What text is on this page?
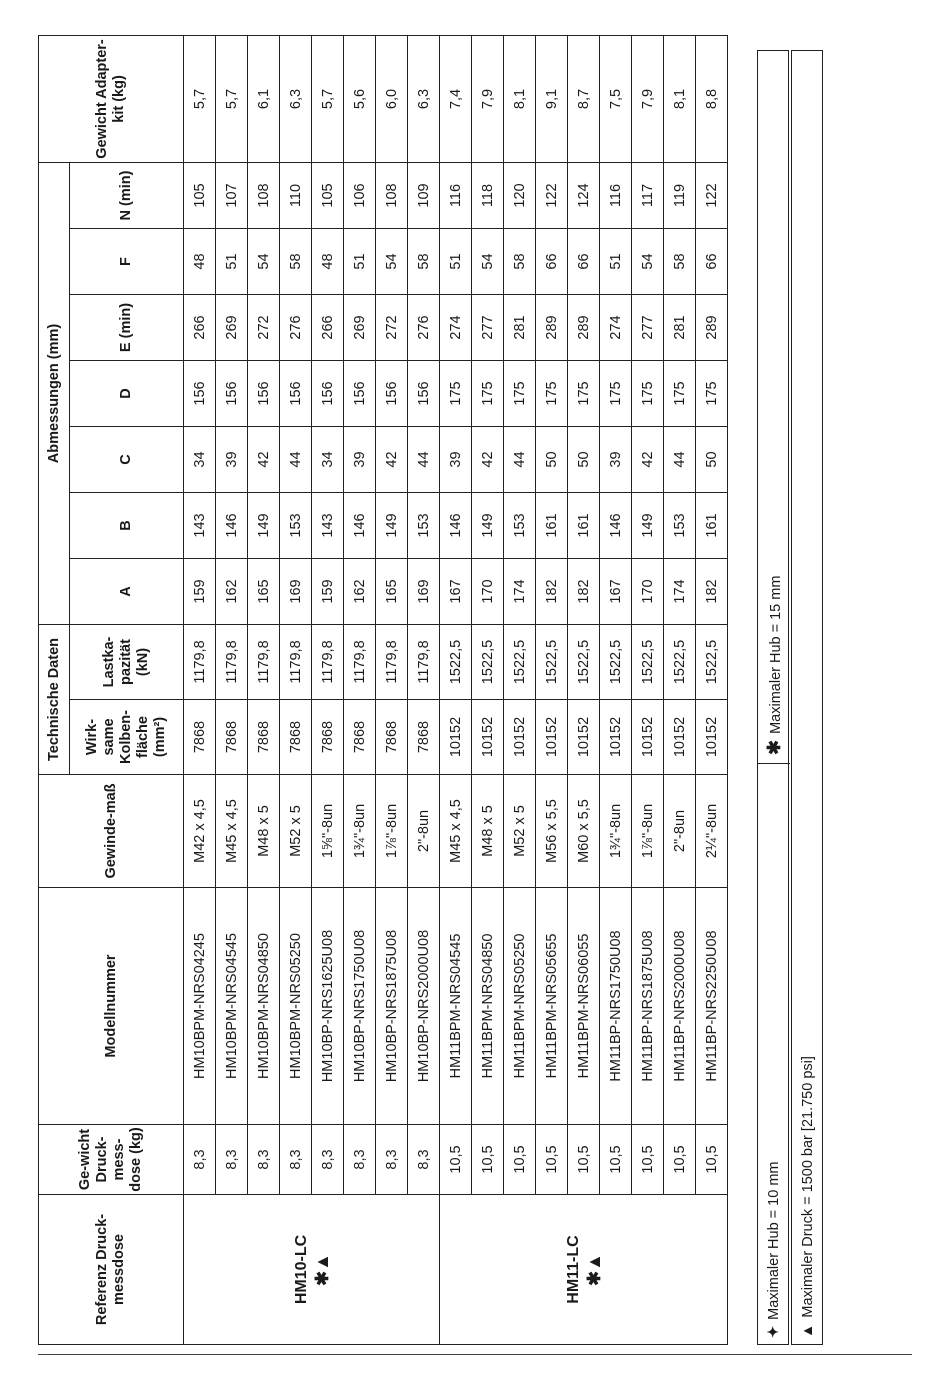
Referenz Druck-messdose	Ge-wicht Druck-mess-dose (kg)	Modellnummer	Gewinde-maß	Technische Daten		Abmessungen (mm)							Gewicht Adapter-kit (kg)
				Wirk-same Kolben-fläche (mm²)	Lastka-pazität (kN)	A	B	C	D	E (min)	F	N (min)	
HM10-LC ✱▲	8,3	HM10BPM-NRS04245	M42 x 4,5	7868	1179,8	159	143	34	156	266	48	105	5,7
	8,3	HM10BPM-NRS04545	M45 x 4,5	7868	1179,8	162	146	39	156	269	51	107	5,7
	8,3	HM10BPM-NRS04850	M48 x 5	7868	1179,8	165	149	42	156	272	54	108	6,1
	8,3	HM10BPM-NRS05250	M52 x 5	7868	1179,8	169	153	44	156	276	58	110	6,3
	8,3	HM10BP-NRS1625U08	1⅝"-8un	7868	1179,8	159	143	34	156	266	48	105	5,7
	8,3	HM10BP-NRS1750U08	1¾"-8un	7868	1179,8	162	146	39	156	269	51	106	5,6
	8,3	HM10BP-NRS1875U08	1⅞"-8un	7868	1179,8	165	149	42	156	272	54	108	6,0
	8,3	HM10BP-NRS2000U08	2"-8un	7868	1179,8	169	153	44	156	276	58	109	6,3
HM11-LC ✱▲	10,5	HM11BPM-NRS04545	M45 x 4,5	10152	1522,5	167	146	39	175	274	51	116	7,4
	10,5	HM11BPM-NRS04850	M48 x 5	10152	1522,5	170	149	42	175	277	54	118	7,9
	10,5	HM11BPM-NRS05250	M52 x 5	10152	1522,5	174	153	44	175	281	58	120	8,1
	10,5	HM11BPM-NRS05655	M56 x 5,5	10152	1522,5	182	161	50	175	289	66	122	9,1
	10,5	HM11BPM-NRS06055	M60 x 5,5	10152	1522,5	182	161	50	175	289	66	124	8,7
	10,5	HM11BP-NRS1750U08	1¾"-8un	10152	1522,5	167	146	39	175	274	51	116	7,5
	10,5	HM11BP-NRS1875U08	1⅞"-8un	10152	1522,5	170	149	42	175	277	54	117	7,9
	10,5	HM11BP-NRS2000U08	2"-8un	10152	1522,5	174	153	44	175	281	58	119	8,1
	10,5	HM11BP-NRS2250U08	2¼"-8un	10152	1522,5	182	161	50	175	289	66	122	8,8
✦Maximaler Hub = 10 mm
✱Maximaler Hub = 15 mm
▲Maximaler Druck = 1500 bar [21.750 psi]
